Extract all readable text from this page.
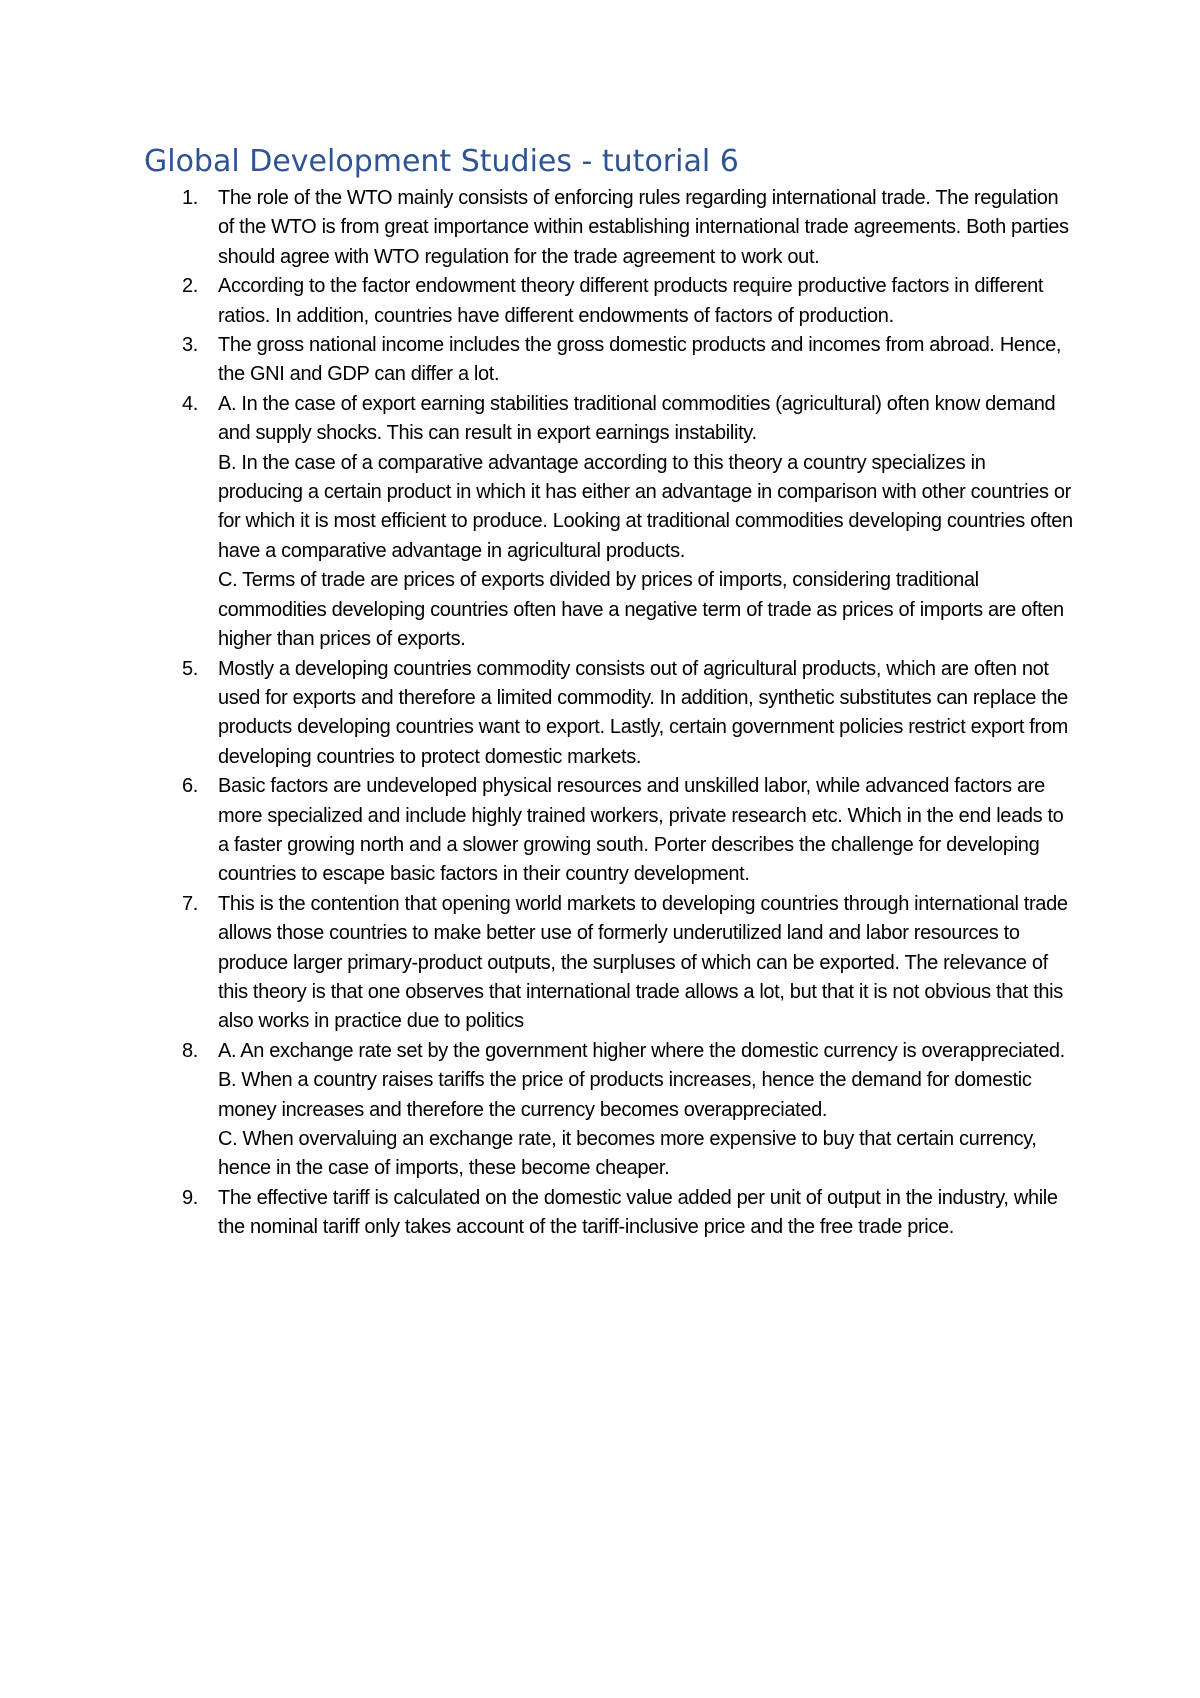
Global Development Studies - tutorial 6
1.	The role of the WTO mainly consists of enforcing rules regarding international trade. The regulation of the WTO is from great importance within establishing international trade agreements. Both parties should agree with WTO regulation for the trade agreement to work out.
2.	According to the factor endowment theory different products require productive factors in different ratios. In addition, countries have different endowments of factors of production.
3.	The gross national income includes the gross domestic products and incomes from abroad. Hence, the GNI and GDP can differ a lot.
4.	A. In the case of export earning stabilities traditional commodities (agricultural) often know demand and supply shocks. This can result in export earnings instability.
B. In the case of a comparative advantage according to this theory a country specializes in producing a certain product in which it has either an advantage in comparison with other countries or for which it is most efficient to produce. Looking at traditional commodities developing countries often have a comparative advantage in agricultural products.
C. Terms of trade are prices of exports divided by prices of imports, considering traditional commodities developing countries often have a negative term of trade as prices of imports are often higher than prices of exports.
5.	Mostly a developing countries commodity consists out of agricultural products, which are often not used for exports and therefore a limited commodity. In addition, synthetic substitutes can replace the products developing countries want to export. Lastly, certain government policies restrict export from developing countries to protect domestic markets.
6.	Basic factors are undeveloped physical resources and unskilled labor, while advanced factors are more specialized and include highly trained workers, private research etc. Which in the end leads to a faster growing north and a slower growing south. Porter describes the challenge for developing countries to escape basic factors in their country development.
7.	This is the contention that opening world markets to developing countries through international trade allows those countries to make better use of formerly underutilized land and labor resources to produce larger primary-product outputs, the surpluses of which can be exported. The relevance of this theory is that one observes that international trade allows a lot, but that it is not obvious that this also works in practice due to politics
8.	A. An exchange rate set by the government higher where the domestic currency is overappreciated.
B. When a country raises tariffs the price of products increases, hence the demand for domestic money increases and therefore the currency becomes overappreciated.
C. When overvaluing an exchange rate, it becomes more expensive to buy that certain currency, hence in the case of imports, these become cheaper.
9.	The effective tariff is calculated on the domestic value added per unit of output in the industry, while the nominal tariff only takes account of the tariff-inclusive price and the free trade price.
